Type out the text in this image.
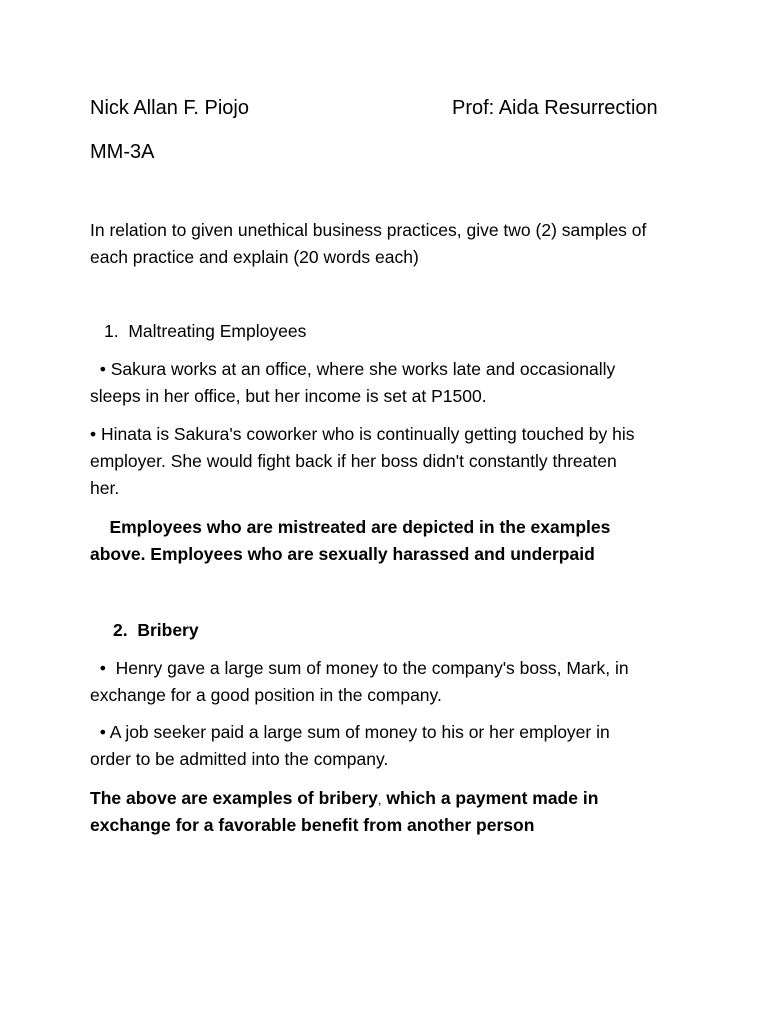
Nick Allan F. Piojo	Prof: Aida Resurrection
MM-3A
In relation to given unethical business practices, give two (2) samples of
each practice and explain (20 words each)
1.  Maltreating Employees
• Sakura works at an office, where she works late and occasionally
sleeps in her office, but her income is set at P1500.
• Hinata is Sakura's coworker who is continually getting touched by his
employer. She would fight back if her boss didn't constantly threaten
her.
Employees who are mistreated are depicted in the examples
above. Employees who are sexually harassed and underpaid
2.  Bribery
•  Henry gave a large sum of money to the company's boss, Mark, in
exchange for a good position in the company.
• A job seeker paid a large sum of money to his or her employer in
order to be admitted into the company.
The above are examples of bribery, which a payment made in
exchange for a favorable benefit from another person
